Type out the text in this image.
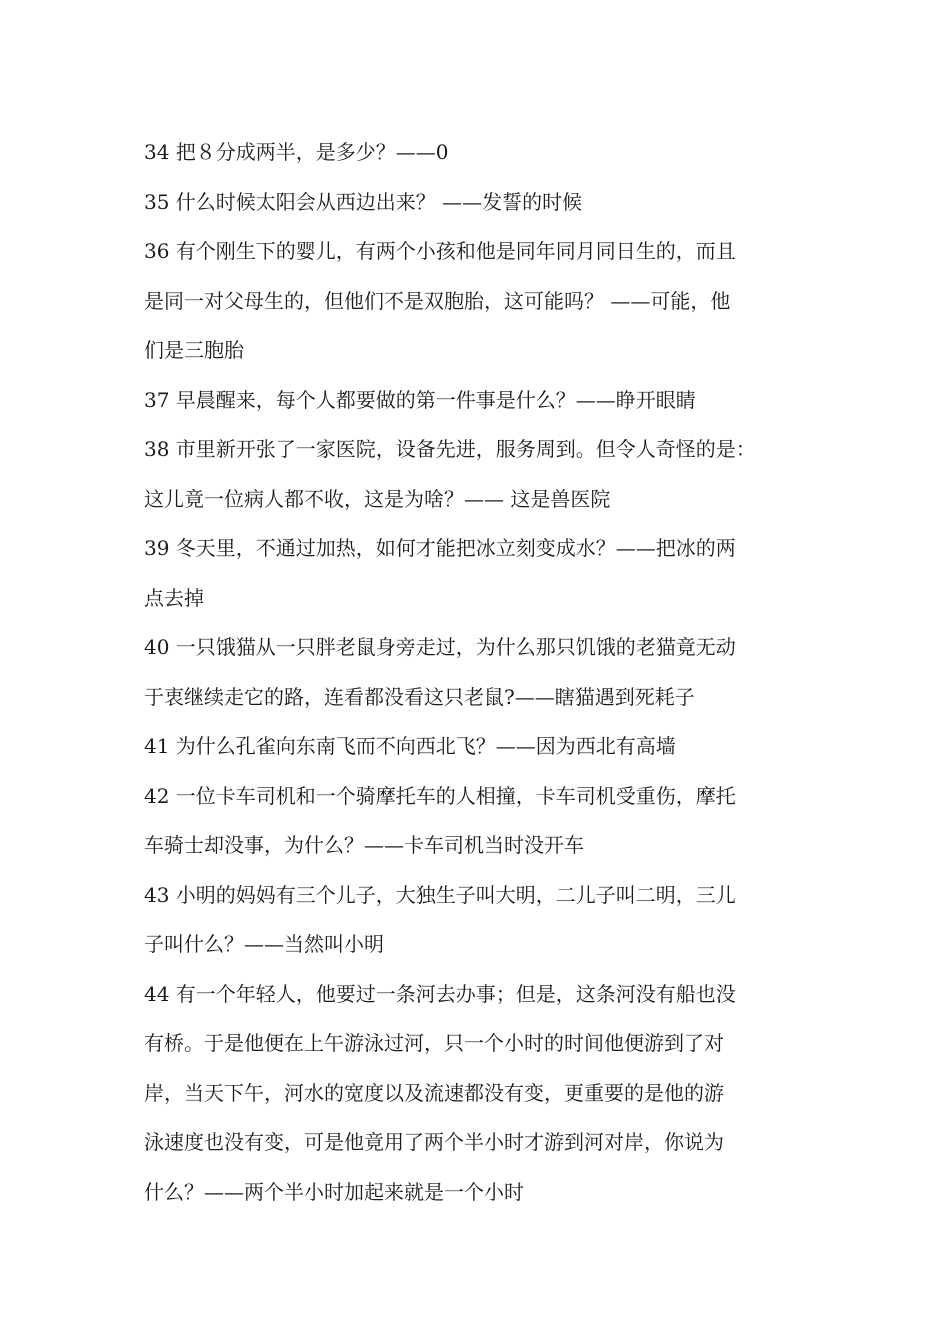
34 把８分成两半，是多少？——0
35 什么时候太阳会从西边出来？ ——发誓的时候
36 有个刚生下的婴儿，有两个小孩和他是同年同月同日生的，而且
是同一对父母生的，但他们不是双胞胎，这可能吗？ ——可能，他
们是三胞胎
37 早晨醒来，每个人都要做的第一件事是什么？——睁开眼睛
38 市里新开张了一家医院，设备先进，服务周到。但令人奇怪的是：
这儿竟一位病人都不收，这是为啥？—— 这是兽医院
39 冬天里，不通过加热，如何才能把冰立刻变成水？——把冰的两
点去掉
40 一只饿猫从一只胖老鼠身旁走过，为什么那只饥饿的老猫竟无动
于衷继续走它的路，连看都没看这只老鼠?——瞎猫遇到死耗子
41 为什么孔雀向东南飞而不向西北飞？——因为西北有高墙
42 一位卡车司机和一个骑摩托车的人相撞，卡车司机受重伤，摩托
车骑士却没事，为什么？——卡车司机当时没开车
43 小明的妈妈有三个儿子，大独生子叫大明，二儿子叫二明，三儿
子叫什么？——当然叫小明
44 有一个年轻人，他要过一条河去办事；但是，这条河没有船也没
有桥。于是他便在上午游泳过河，只一个小时的时间他便游到了对
岸，当天下午，河水的宽度以及流速都没有变，更重要的是他的游
泳速度也没有变，可是他竟用了两个半小时才游到河对岸，你说为
什么？——两个半小时加起来就是一个小时
